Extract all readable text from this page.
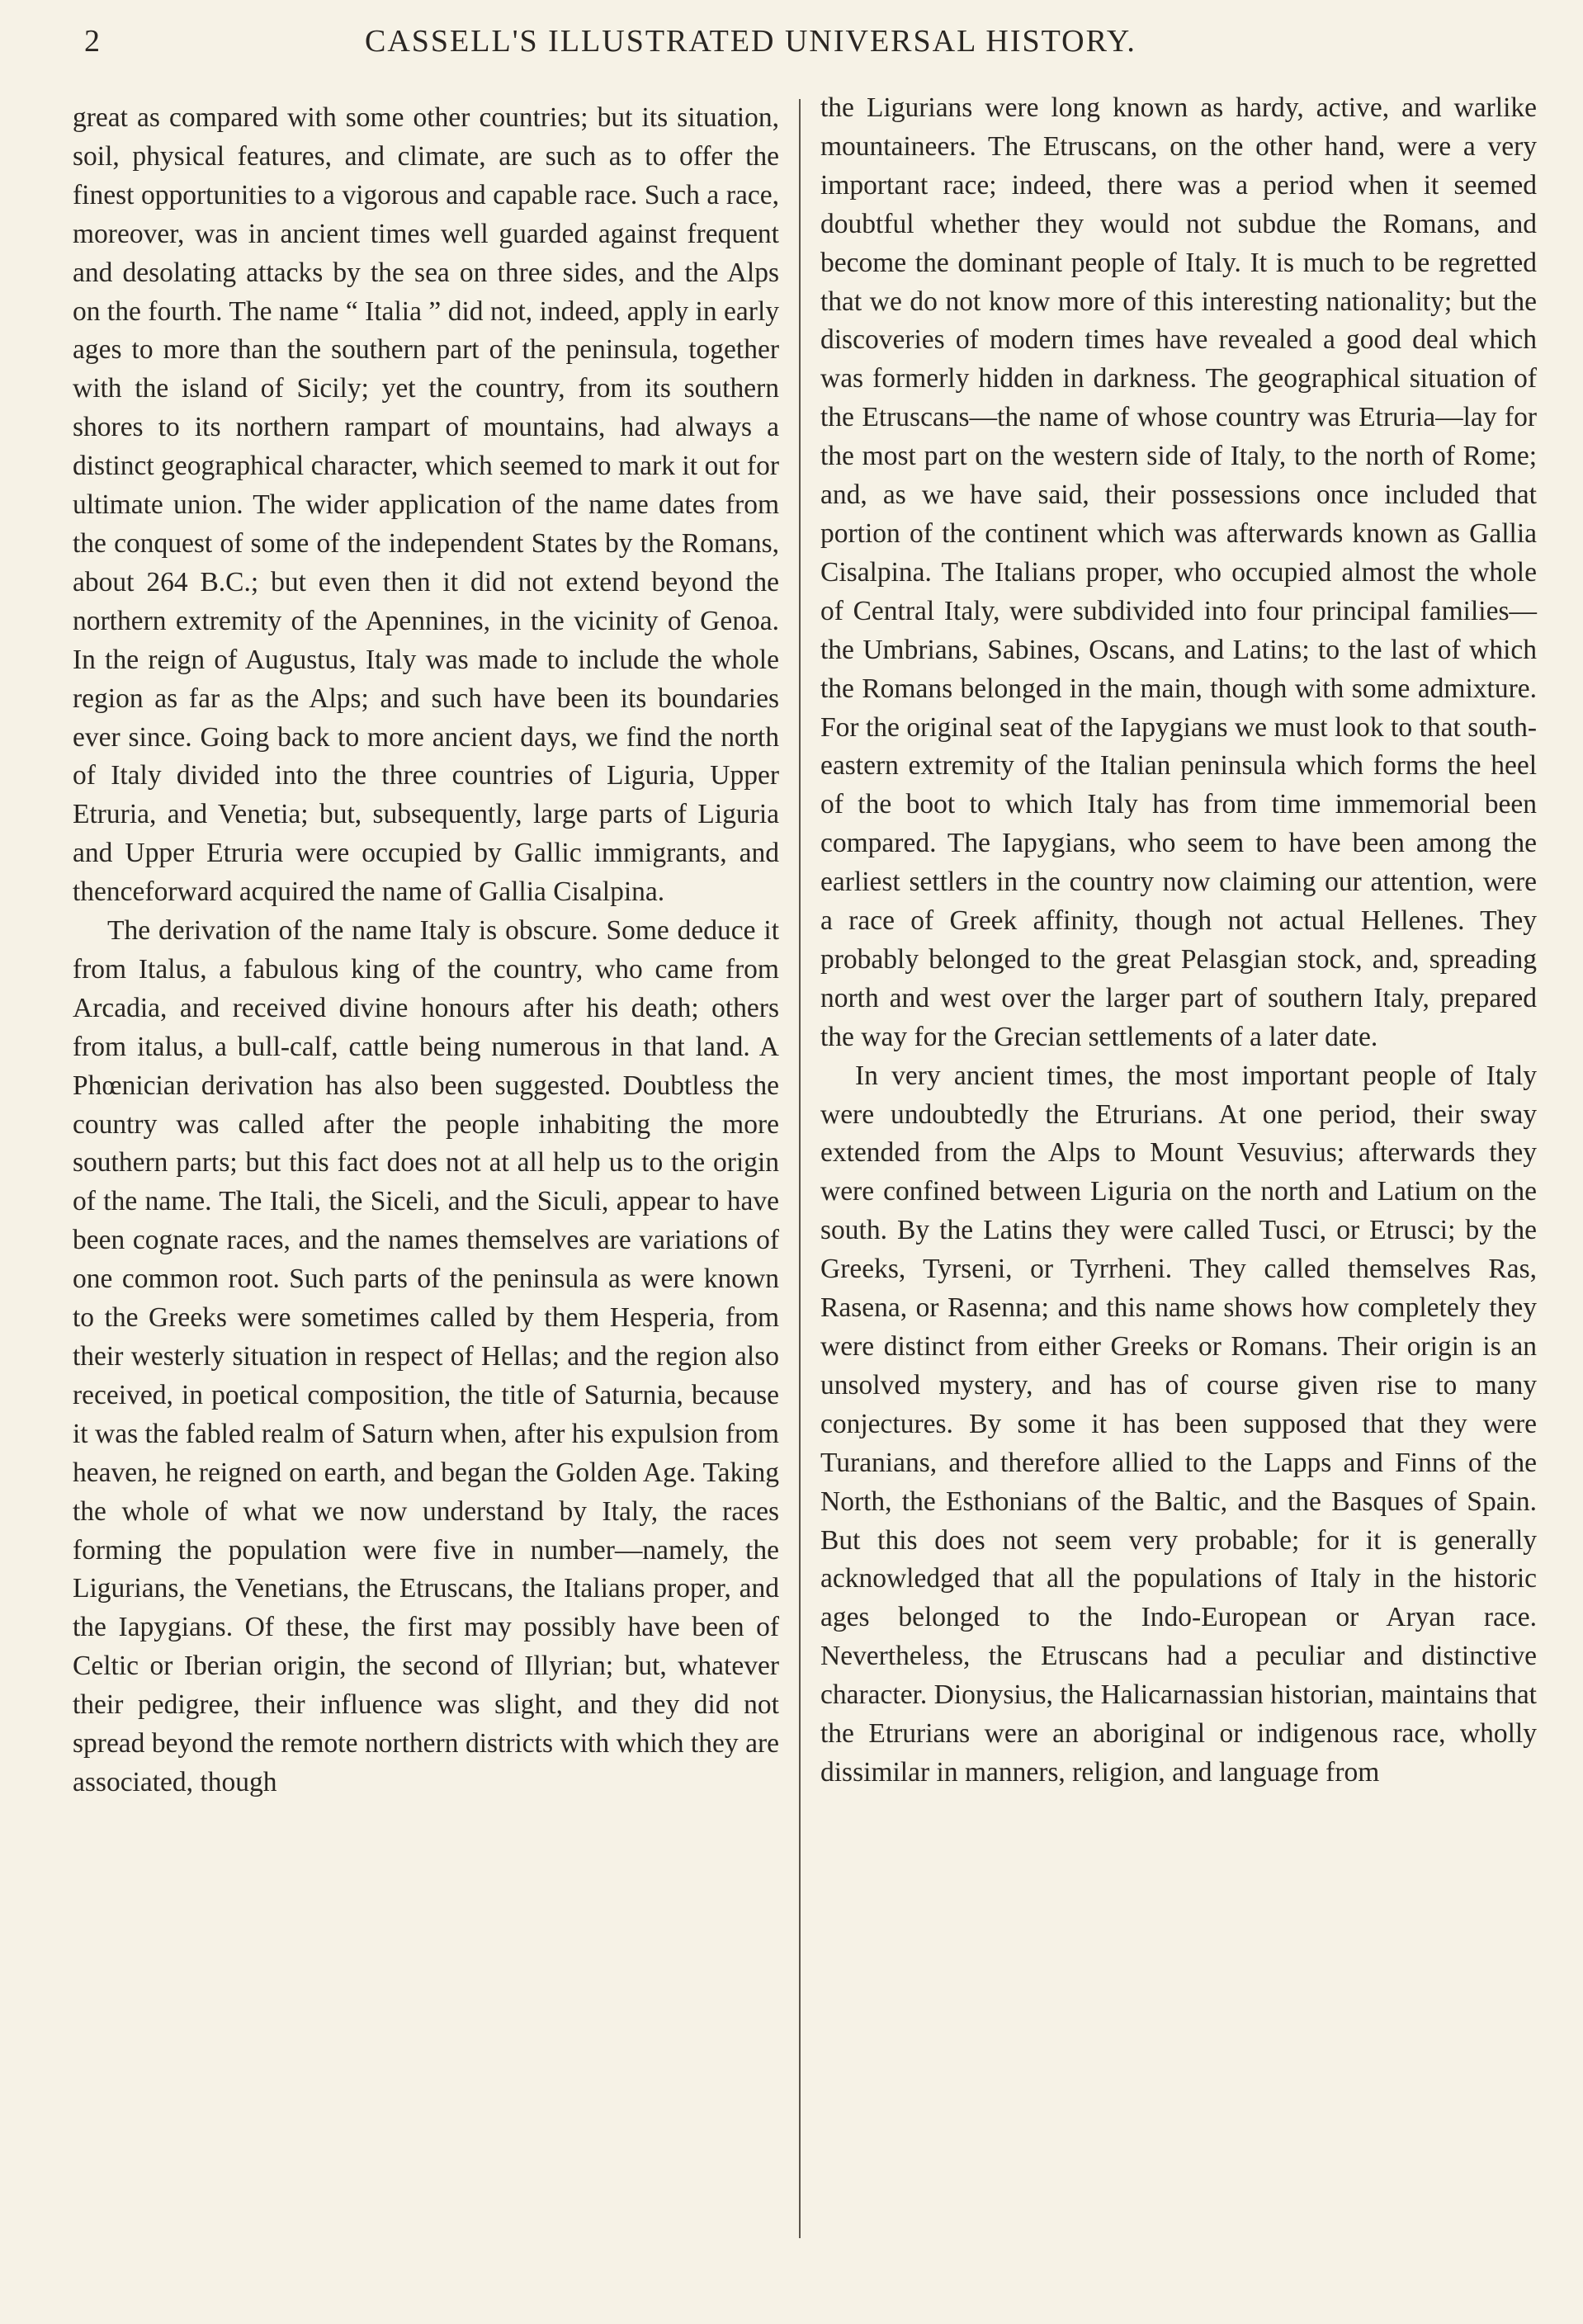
2	CASSELL'S ILLUSTRATED UNIVERSAL HISTORY.

great as compared with some other countries; but its situation, soil, physical features, and climate, are such as to offer the finest opportunities to a vigorous and capable race. Such a race, moreover, was in ancient times well guarded against frequent and desolating attacks by the sea on three sides, and the Alps on the fourth. The name “ Italia ” did not, indeed, apply in early ages to more than the southern part of the peninsula, together with the island of Sicily; yet the country, from its southern shores to its northern rampart of mountains, had always a distinct geographical character, which seemed to mark it out for ultimate union. The wider application of the name dates from the conquest of some of the independent States by the Romans, about 264 B.C.; but even then it did not extend beyond the northern extremity of the Apennines, in the vicinity of Genoa. In the reign of Augustus, Italy was made to include the whole region as far as the Alps; and such have been its boundaries ever since. Going back to more ancient days, we find the north of Italy divided into the three countries of Liguria, Upper Etruria, and Venetia; but, subsequently, large parts of Liguria and Upper Etruria were occupied by Gallic immigrants, and thenceforward acquired the name of Gallia Cisalpina.

The derivation of the name Italy is obscure. Some deduce it from Italus, a fabulous king of the country, who came from Arcadia, and received divine honours after his death; others from italus, a bull-calf, cattle being numerous in that land. A Phœnician derivation has also been suggested. Doubtless the country was called after the people inhabiting the more southern parts; but this fact does not at all help us to the origin of the name. The Itali, the Siceli, and the Siculi, appear to have been cognate races, and the names themselves are variations of one common root. Such parts of the peninsula as were known to the Greeks were sometimes called by them Hesperia, from their westerly situation in respect of Hellas; and the region also received, in poetical composition, the title of Saturnia, because it was the fabled realm of Saturn when, after his expulsion from heaven, he reigned on earth, and began the Golden Age. Taking the whole of what we now understand by Italy, the races forming the population were five in number—namely, the Ligurians, the Venetians, the Etruscans, the Italians proper, and the Iapygians. Of these, the first may possibly have been of Celtic or Iberian origin, the second of Illyrian; but, whatever their pedigree, their influence was slight, and they did not spread beyond the remote northern districts with which they are associated, though

the Ligurians were long known as hardy, active, and warlike mountaineers. The Etruscans, on the other hand, were a very important race; indeed, there was a period when it seemed doubtful whether they would not subdue the Romans, and become the dominant people of Italy. It is much to be regretted that we do not know more of this interesting nationality; but the discoveries of modern times have revealed a good deal which was formerly hidden in darkness. The geographical situation of the Etruscans—the name of whose country was Etruria—lay for the most part on the western side of Italy, to the north of Rome; and, as we have said, their possessions once included that portion of the continent which was afterwards known as Gallia Cisalpina. The Italians proper, who occupied almost the whole of Central Italy, were subdivided into four principal families—the Umbrians, Sabines, Oscans, and Latins; to the last of which the Romans belonged in the main, though with some admixture. For the original seat of the Iapygians we must look to that south-eastern extremity of the Italian peninsula which forms the heel of the boot to which Italy has from time immemorial been compared. The Iapygians, who seem to have been among the earliest settlers in the country now claiming our attention, were a race of Greek affinity, though not actual Hellenes. They probably belonged to the great Pelasgian stock, and, spreading north and west over the larger part of southern Italy, prepared the way for the Grecian settlements of a later date.

In very ancient times, the most important people of Italy were undoubtedly the Etrurians. At one period, their sway extended from the Alps to Mount Vesuvius; afterwards they were confined between Liguria on the north and Latium on the south. By the Latins they were called Tusci, or Etrusci; by the Greeks, Tyrseni, or Tyrrheni. They called themselves Ras, Rasena, or Rasenna; and this name shows how completely they were distinct from either Greeks or Romans. Their origin is an unsolved mystery, and has of course given rise to many conjectures. By some it has been supposed that they were Turanians, and therefore allied to the Lapps and Finns of the North, the Esthonians of the Baltic, and the Basques of Spain. But this does not seem very probable; for it is generally acknowledged that all the populations of Italy in the historic ages belonged to the Indo-European or Aryan race. Nevertheless, the Etruscans had a peculiar and distinctive character. Dionysius, the Halicarnassian historian, maintains that the Etrurians were an aboriginal or indigenous race, wholly dissimilar in manners, religion, and language from
